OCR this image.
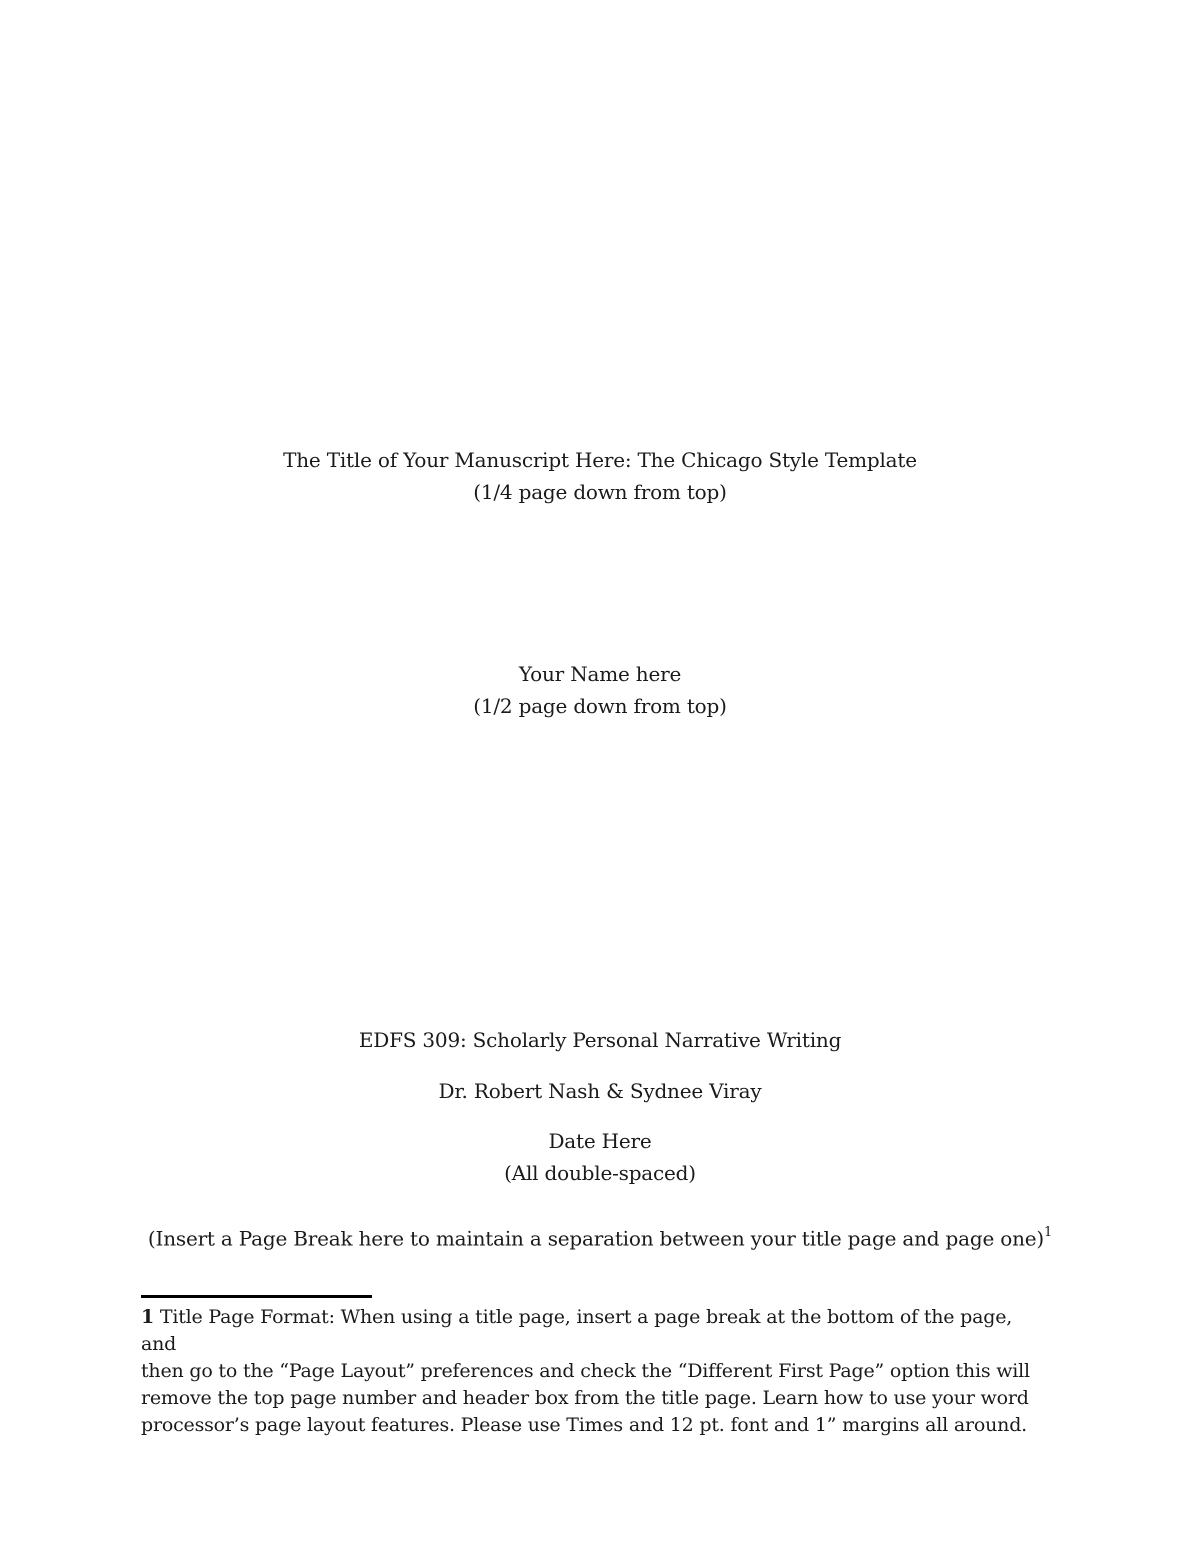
The Title of Your Manuscript Here: The Chicago Style Template
(1/4 page down from top)
Your Name here
(1/2 page down from top)
EDFS 309: Scholarly Personal Narrative Writing
Dr. Robert Nash & Sydnee Viray
Date Here
(All double-spaced)
(Insert a Page Break here to maintain a separation between your title page and page one)$^1$
1 Title Page Format: When using a title page, insert a page break at the bottom of the page, and
then go to the “Page Layout” preferences and check the “Different First Page” option this will
remove the top page number and header box from the title page. Learn how to use your word
processor’s page layout features. Please use Times and 12 pt. font and 1” margins all around.
